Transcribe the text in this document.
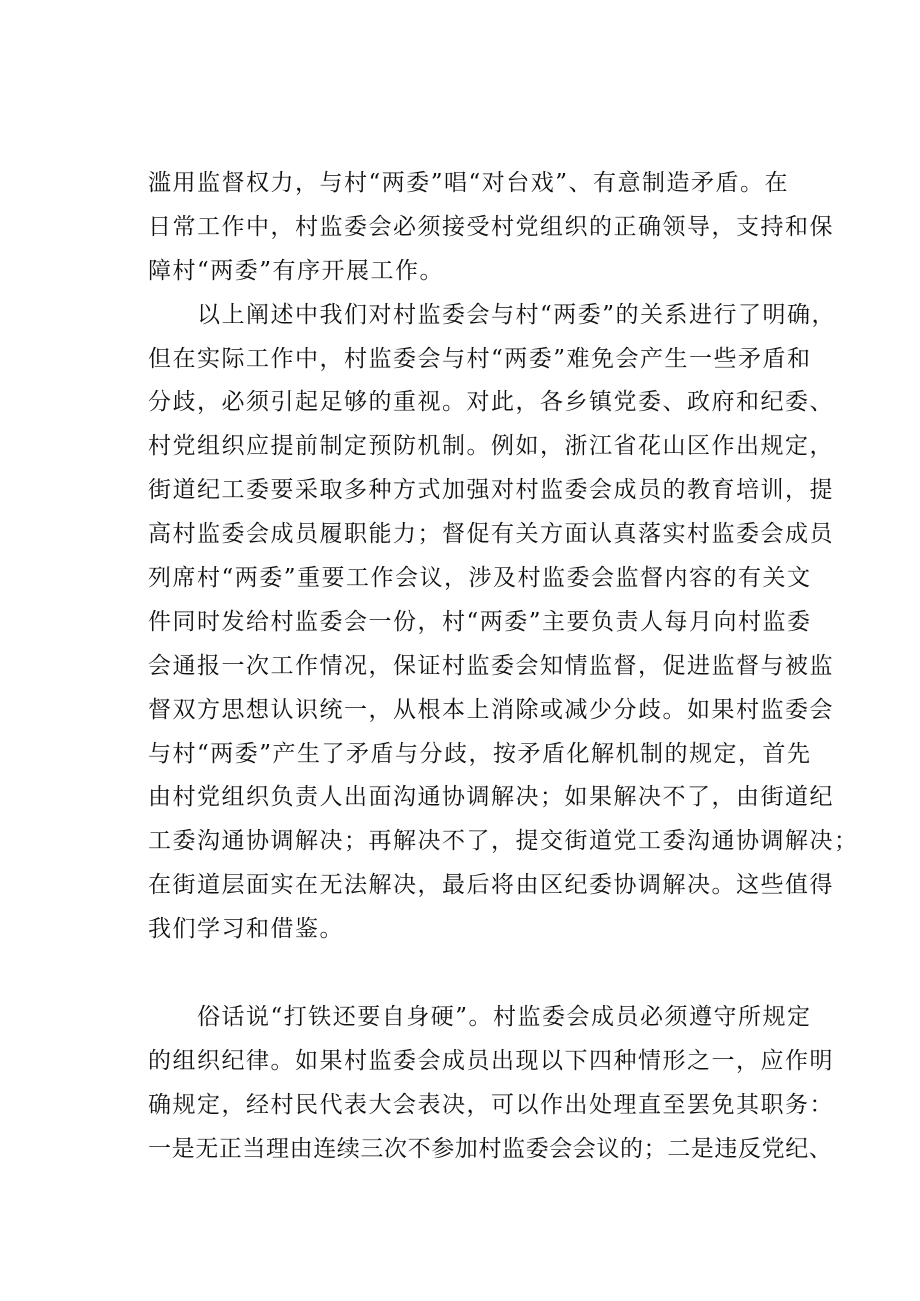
滥用监督权力，与村“两委”唱“对台戏”、有意制造矛盾。在
日常工作中，村监委会必须接受村党组织的正确领导，支持和保
障村“两委”有序开展工作。
以上阐述中我们对村监委会与村“两委”的关系进行了明确，
但在实际工作中，村监委会与村“两委”难免会产生一些矛盾和
分歧，必须引起足够的重视。对此，各乡镇党委、政府和纪委、
村党组织应提前制定预防机制。例如，浙江省花山区作出规定，
街道纪工委要采取多种方式加强对村监委会成员的教育培训，提
高村监委会成员履职能力；督促有关方面认真落实村监委会成员
列席村“两委”重要工作会议，涉及村监委会监督内容的有关文
件同时发给村监委会一份，村“两委”主要负责人每月向村监委
会通报一次工作情况，保证村监委会知情监督，促进监督与被监
督双方思想认识统一，从根本上消除或减少分歧。如果村监委会
与村“两委”产生了矛盾与分歧，按矛盾化解机制的规定，首先
由村党组织负责人出面沟通协调解决；如果解决不了，由街道纪
工委沟通协调解决；再解决不了，提交街道党工委沟通协调解决；
在街道层面实在无法解决，最后将由区纪委协调解决。这些值得
我们学习和借鉴。
俗话说“打铁还要自身硬”。村监委会成员必须遵守所规定
的组织纪律。如果村监委会成员出现以下四种情形之一，应作明
确规定，经村民代表大会表决，可以作出处理直至罢免其职务：
一是无正当理由连续三次不参加村监委会会议的；二是违反党纪、
